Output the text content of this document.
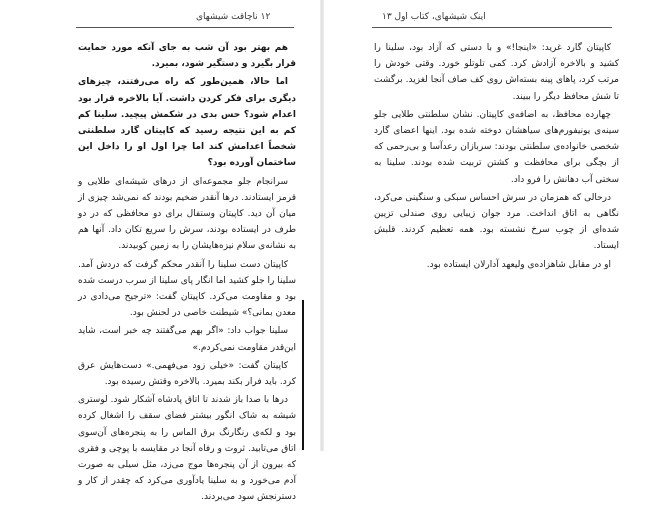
۱۲ ناچاقت شیشهای

هم بهتر بود آن شب به جای آنکه مورد حمایت قرار بگیرد و دستگیر شود، بمیرد.

اما حالا، همین‌طور که راه می‌رفتند، چیزهای دیگری برای فکر کردن داشت. آیا بالاخره قرار بود اعدام شود؟ حس بدی در شکمش پیچید. سلینا کم کم به این نتیجه رسید که کاپیتان گارد سلطنتی شخصاً اعدامش کند اما چرا اول او را داخل این ساختمان آورده بود؟

سرانجام جلو مجموعه‌ای از درهای شیشه‌ای طلایی و قرمز ایستادند. درها آنقدر ضخیم بودند که نمی‌شد چیزی از میان آن دید. کاپیتان وستفال برای دو محافظی که در دو طرف در ایستاده بودند، سرش را سریع تکان داد. آنها هم به نشانه‌ی سلام نیزه‌هایشان را به زمین کوبیدند.

کاپیتان دست سلینا را آنقدر محکم گرفت که دردش آمد. سلینا را جلو کشید اما انگار پای سلینا از سرب درست شده بود و مقاومت می‌کرد. کاپیتان گفت: «ترجیح می‌دادی در معدن بمانی؟» شیطنت خاصی در لحنش بود.

سلینا جواب داد: «اگر بهم می‌گفتند چه خبر است، شاید این‌قدر مقاومت نمی‌کردم.»

کاپیتان گفت: «خیلی زود می‌فهمی.» دست‌هایش عرق کرد. باید فرار بکند بمیرد. بالاخره وقتش رسیده بود.

درها با صدا باز شدند تا اتاق پادشاه آشکار شود. لوستری شیشه به شاک انگور بیشتر فضای سقف را اشغال کرده بود و لکه‌ی رنگارنگ برق الماس را به پنجره‌های آن‌سوی اتاق می‌تابید. ثروت و رفاه آنجا در مقایسه با پوچی و فقری که بیرون از آن پنجره‌ها موج می‌زد، مثل سیلی به صورت آدم می‌خورد و به سلینا یادآوری می‌کرد که چقدر از کار و دسترنجش سود می‌بردند.

اینک شیشهای، کتاب اول ۱۳

کاپیتان گارد غرید: «اینجا!» و با دستی که آزاد بود، سلینا را کشید و بالاخره آزادش کرد. کمی تلوتلو خورد. وقتی خودش را مرتب کرد، پاهای پینه بسته‌اش روی کف صاف آنجا لغزید. برگشت تا شش محافظ دیگر را ببیند.

چهارده محافظ، به اضافه‌ی کاپیتان. نشان سلطنتی طلایی جلو سینه‌ی یونیفورم‌های سیاهشان دوخته شده بود. اینها اعضای گارد شخصی خانواده‌ی سلطنتی بودند: سربازان رعدآسا و بی‌رحمی که از بچگی برای محافظت و کشتن تربیت شده بودند. سلینا به سختی آب دهانش را فرو داد.

درحالی که همزمان در سرش احساس سبکی و سنگینی می‌کرد، نگاهی به اتاق انداخت. مرد جوان زیبایی روی صندلی تزیین شده‌ای از چوب سرخ نشسته بود. همه تعظیم کردند. قلبش ایستاد.

او در مقابل شاهزاده‌ی ولیعهد آدارلان ایستاده بود.
